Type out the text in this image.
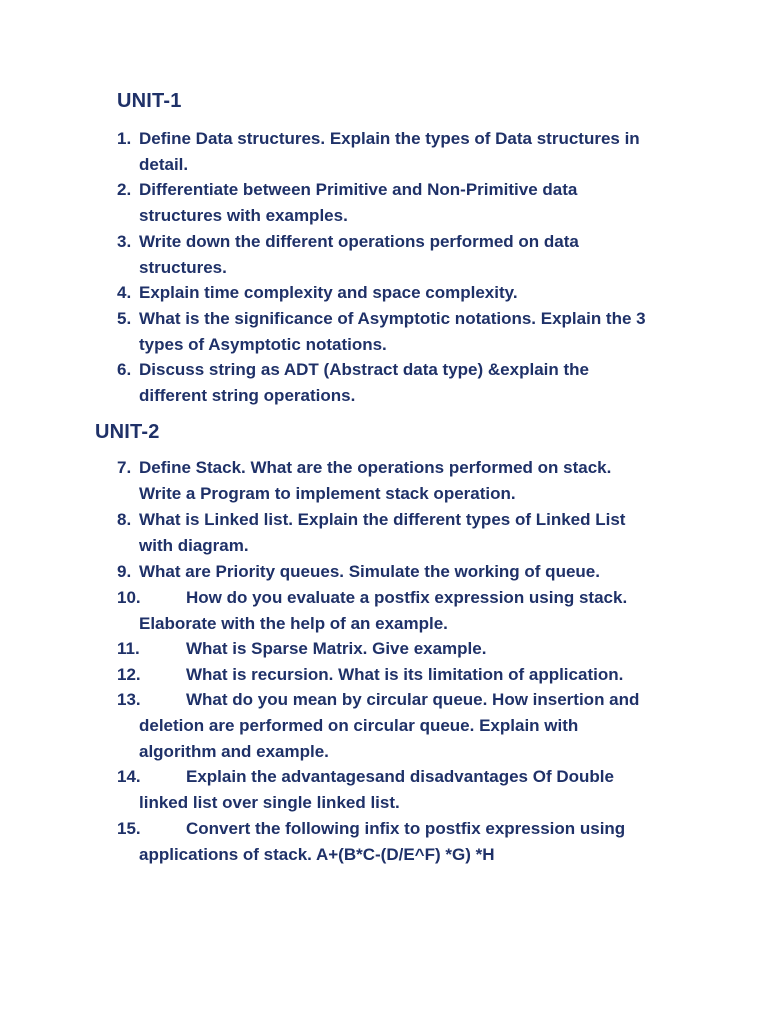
UNIT-1
1. Define Data structures. Explain the types of Data structures in
detail.
2. Differentiate between Primitive and Non-Primitive data
structures with examples.
3. Write down the different operations performed on data
structures.
4. Explain time complexity and space complexity.
5. What is the significance of Asymptotic notations. Explain the 3
types of Asymptotic notations.
6. Discuss string as ADT (Abstract data type) &explain the
different string operations.
UNIT-2
7. Define Stack. What are the operations performed on stack.
Write a Program to implement stack operation.
8. What is Linked list. Explain the different types of Linked List
with diagram.
9. What are Priority queues. Simulate the working of queue.
10.	How do you evaluate a postfix expression using stack.
Elaborate with the help of an example.
11.	What is Sparse Matrix. Give example.
12.	What is recursion. What is its limitation of application.
13.	What do you mean by circular queue. How insertion and
deletion are performed on circular queue. Explain with
algorithm and example.
14.	Explain the advantagesand disadvantages Of Double
linked list over single linked list.
15.	Convert the following infix to postfix expression using
applications of stack. A+(B*C-(D/E^F) *G) *H
